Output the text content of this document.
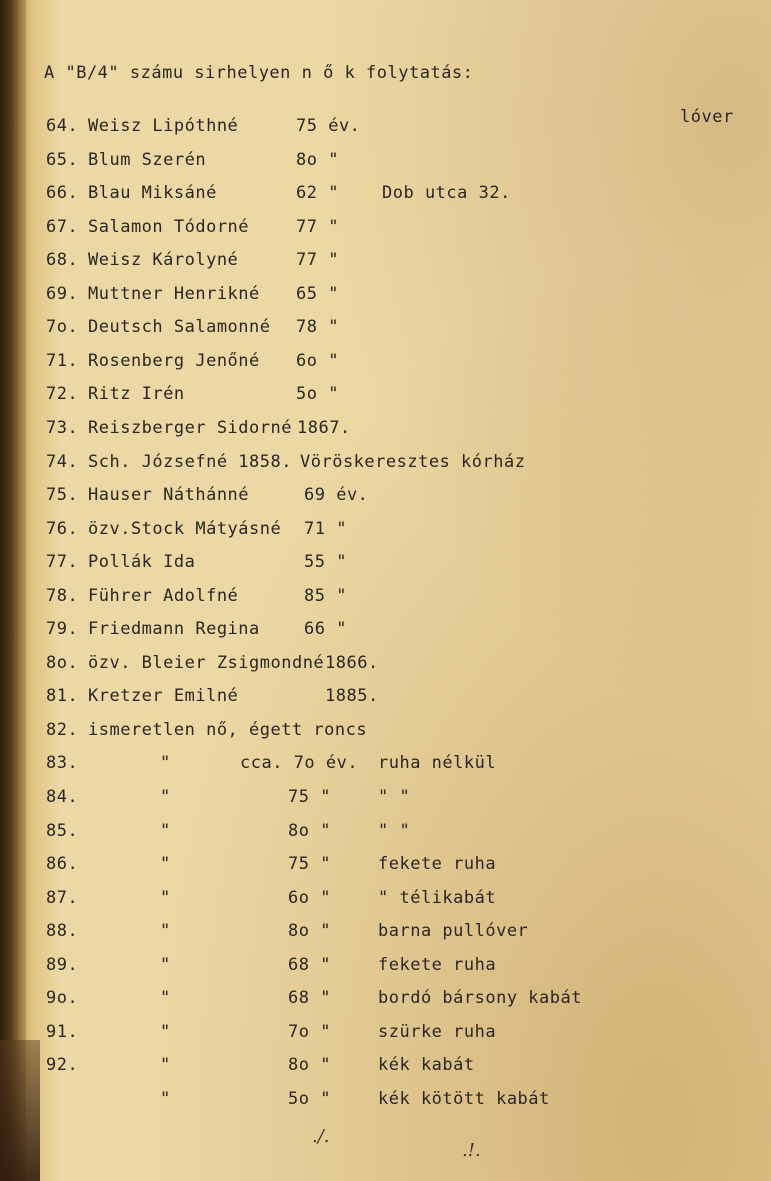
A "B/4" számu sirhelyen n ő k folytatás:
lóver
64. Weisz Lipóthné	75 év.
65. Blum Szerén	8o "
66. Blau Miksáné	62 "	Dob utca 32.
67. Salamon Tódorné	77 "
68. Weisz Károlyné	77 "
69. Muttner Henrikné 65 "
7o. Deutsch Salamonné 78 "
71. Rosenberg Jenőné 6o "
72. Ritz Irén	5o "
73. Reiszberger Sidorné 1867.
74. Sch. Józsefné 1858. Vöröskeresztes kórház
75. Hauser Náthánné	69 év.
76. özv.Stock Mátyásné 71 "
77. Pollák Ida	55 "
78. Führer Adolfné	85 "
79. Friedmann Regina	66 "
8o. özv. Bleier Zsigmondné 1866.
81. Kretzer Emilné	1885.
82. ismeretlen nő, égett roncs
83.	"	cca. 7o év. ruha nélkül
84.	"	75 "	" "
85.	"	8o "	" "
86.	"	75 "	fekete ruha
87.	"	6o "	" télikabát
88.	"	8o "	barna pullóver
89.	"	68 "	fekete ruha
9o.	"	68 "	bordó bársony kabát
91.	"	7o "	szürke ruha
92.	"	8o "	kék kabát
"	5o "	kék kötött kabát
./.
.!.
